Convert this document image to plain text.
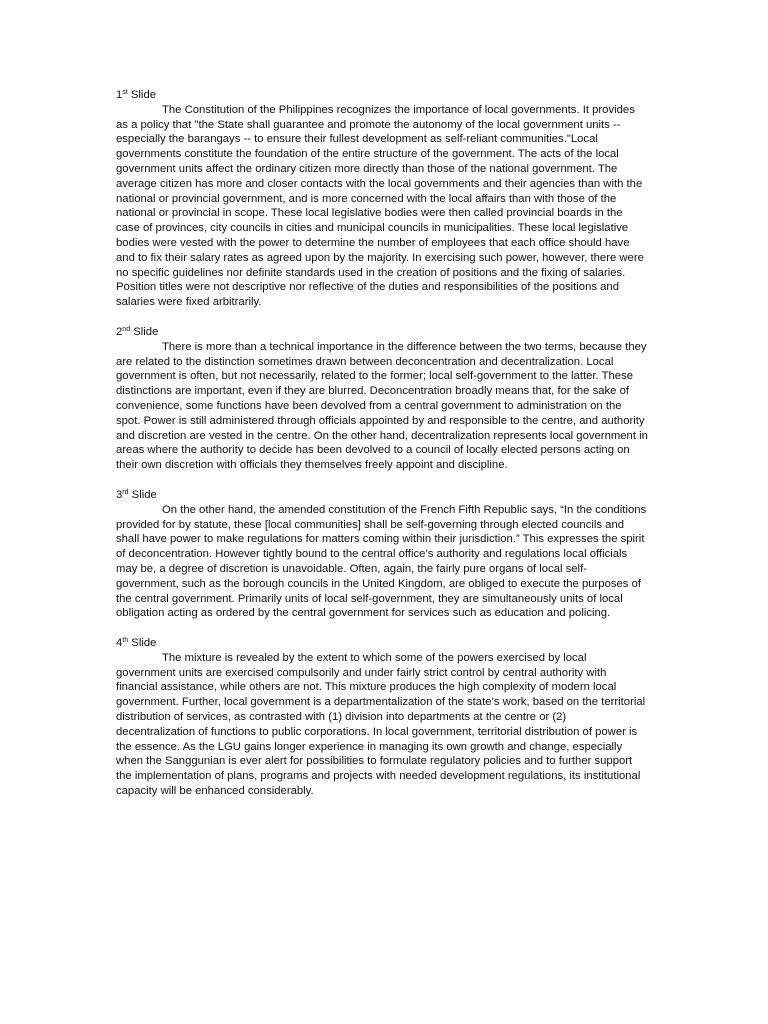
1st Slide

The Constitution of the Philippines recognizes the importance of local governments. It provides as a policy that "the State shall guarantee and promote the autonomy of the local government units -- especially the barangays -- to ensure their fullest development as self-reliant communities."Local governments constitute the foundation of the entire structure of the government. The acts of the local government units affect the ordinary citizen more directly than those of the national government. The average citizen has more and closer contacts with the local governments and their agencies than with the national or provincial government, and is more concerned with the local affairs than with those of the national or provincial in scope. These local legislative bodies were then called provincial boards in the case of provinces, city councils in cities and municipal councils in municipalities. These local legislative bodies were vested with the power to determine the number of employees that each office should have and to fix their salary rates as agreed upon by the majority. In exercising such power, however, there were no specific guidelines nor definite standards used in the creation of positions and the fixing of salaries. Position titles were not descriptive nor reflective of the duties and responsibilities of the positions and salaries were fixed arbitrarily.

2nd Slide

There is more than a technical importance in the difference between the two terms, because they are related to the distinction sometimes drawn between deconcentration and decentralization. Local government is often, but not necessarily, related to the former; local self-government to the latter. These distinctions are important, even if they are blurred. Deconcentration broadly means that, for the sake of convenience, some functions have been devolved from a central government to administration on the spot. Power is still administered through officials appointed by and responsible to the centre, and authority and discretion are vested in the centre. On the other hand, decentralization represents local government in areas where the authority to decide has been devolved to a council of locally elected persons acting on their own discretion with officials they themselves freely appoint and discipline.

3rd Slide

On the other hand, the amended constitution of the French Fifth Republic says, “In the conditions provided for by statute, these [local communities] shall be self-governing through elected councils and shall have power to make regulations for matters coming within their jurisdiction.” This expresses the spirit of deconcentration. However tightly bound to the central office’s authority and regulations local officials may be, a degree of discretion is unavoidable. Often, again, the fairly pure organs of local self-government, such as the borough councils in the United Kingdom, are obliged to execute the purposes of the central government. Primarily units of local self-government, they are simultaneously units of local obligation acting as ordered by the central government for services such as education and policing.

4th Slide

The mixture is revealed by the extent to which some of the powers exercised by local government units are exercised compulsorily and under fairly strict control by central authority with financial assistance, while others are not. This mixture produces the high complexity of modern local government. Further, local government is a departmentalization of the state’s work, based on the territorial distribution of services, as contrasted with (1) division into departments at the centre or (2) decentralization of functions to public corporations. In local government, territorial distribution of power is the essence. As the LGU gains longer experience in managing its own growth and change, especially when the Sanggunian is ever alert for possibilities to formulate regulatory policies and to further support the implementation of plans, programs and projects with needed development regulations, its institutional capacity will be enhanced considerably.
